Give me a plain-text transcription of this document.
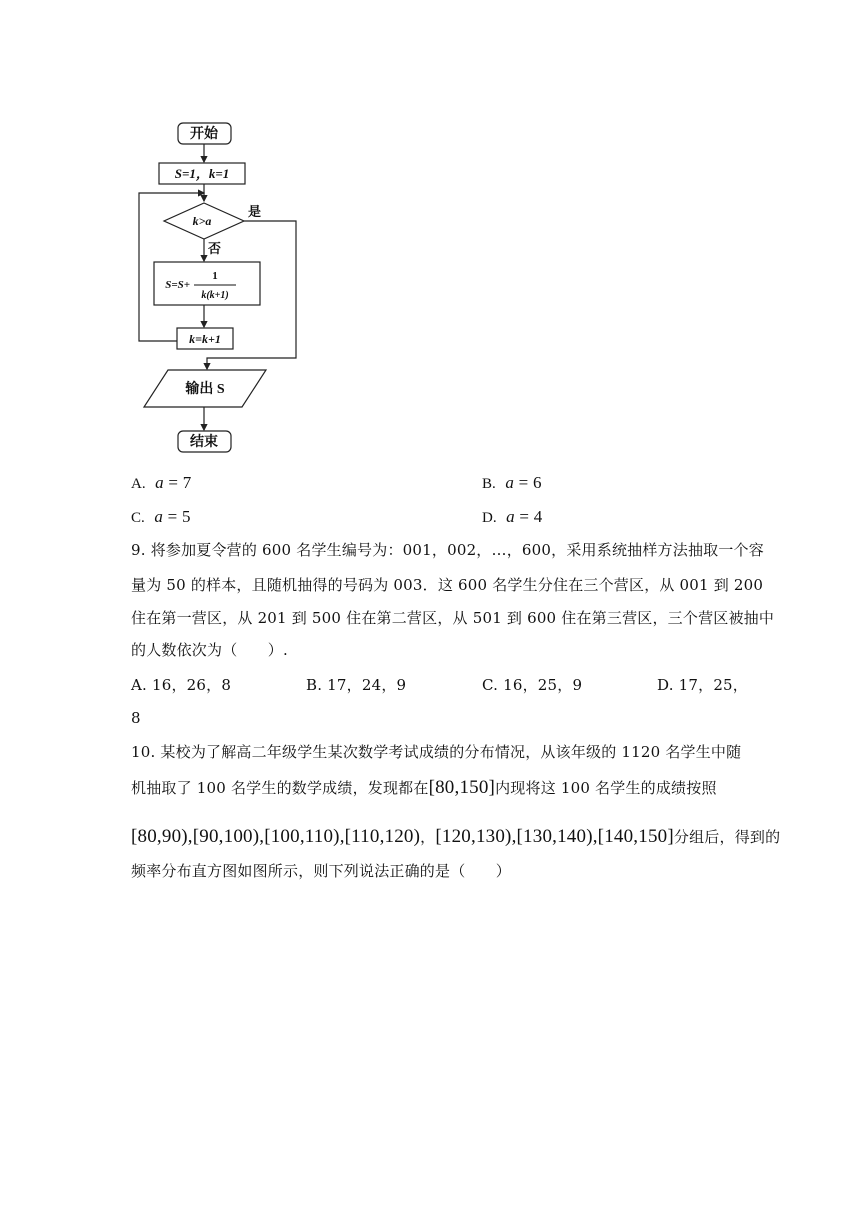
开始
S=1，k=1
k>a
是
否
S=S+
1
k(k+1)
k=k+1
输出 S
结束
A. a = 7	B. a = 6
C. a = 5	D. a = 4
9. 将参加夏令营的 600 名学生编号为：001，002，…，600，采用系统抽样方法抽取一个容
量为 50 的样本，且随机抽得的号码为 003．这 600 名学生分住在三个营区，从 001 到 200
住在第一营区，从 201 到 500 住在第二营区，从 501 到 600 住在第三营区，三个营区被抽中
的人数依次为（　　）.
A. 16，26，8	B. 17，24，9	C. 16，25，9	D. 17，25，
8
10. 某校为了解高二年级学生某次数学考试成绩的分布情况，从该年级的 1120 名学生中随
机抽取了 100 名学生的数学成绩，发现都在[80,150]内现将这 100 名学生的成绩按照
[80,90),[90,100),[100,110),[110,120)，[120,130),[130,140),[140,150]分组后，得到的
频率分布直方图如图所示，则下列说法正确的是（　　）
